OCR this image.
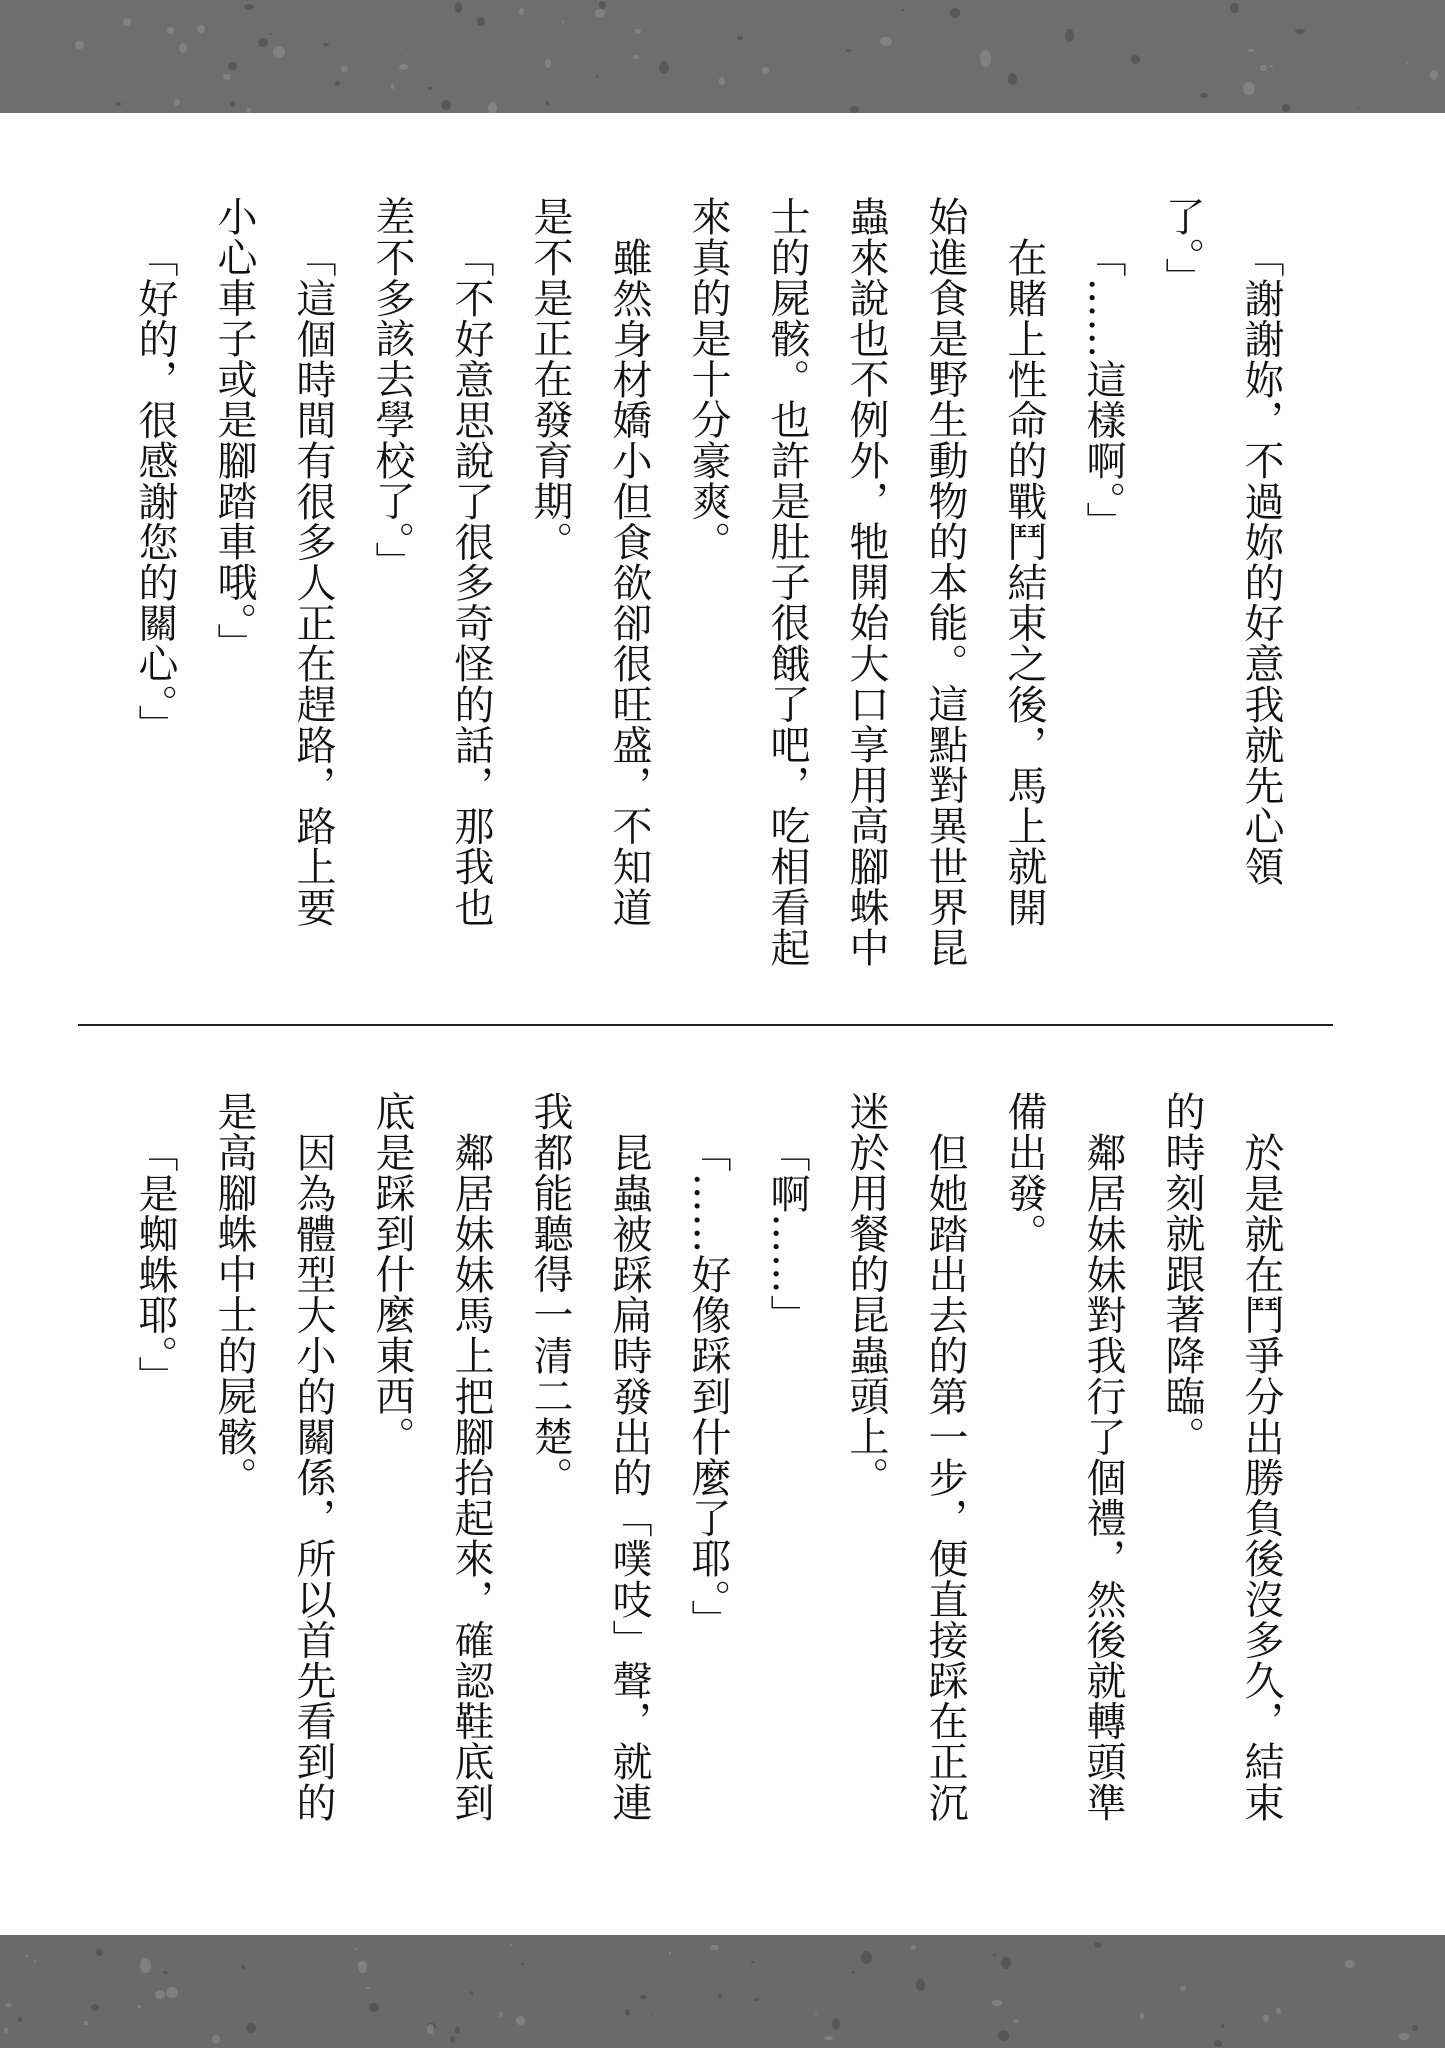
「謝謝妳，不過妳的好意我就先心領
了。」
「……這樣啊。」
在賭上性命的戰鬥結束之後，馬上就開
始進食是野生動物的本能。這點對異世界昆
蟲來說也不例外，牠開始大口享用高腳蛛中
士的屍骸。也許是肚子很餓了吧，吃相看起
來真的是十分豪爽。
雖然身材嬌小但食欲卻很旺盛，不知道
是不是正在發育期。
「不好意思說了很多奇怪的話，那我也
差不多該去學校了。」
「這個時間有很多人正在趕路，路上要
小心車子或是腳踏車哦。」
「好的，很感謝您的關心。」
於是就在鬥爭分出勝負後沒多久，結束
的時刻就跟著降臨。
鄰居妹妹對我行了個禮，然後就轉頭準
備出發。
但她踏出去的第一步，便直接踩在正沉
迷於用餐的昆蟲頭上。
「啊……」
「……好像踩到什麼了耶。」
昆蟲被踩扁時發出的「噗吱」聲，就連
我都能聽得一清二楚。
鄰居妹妹馬上把腳抬起來，確認鞋底到
底是踩到什麼東西。
因為體型大小的關係，所以首先看到的
是高腳蛛中士的屍骸。
「是蜘蛛耶。」
